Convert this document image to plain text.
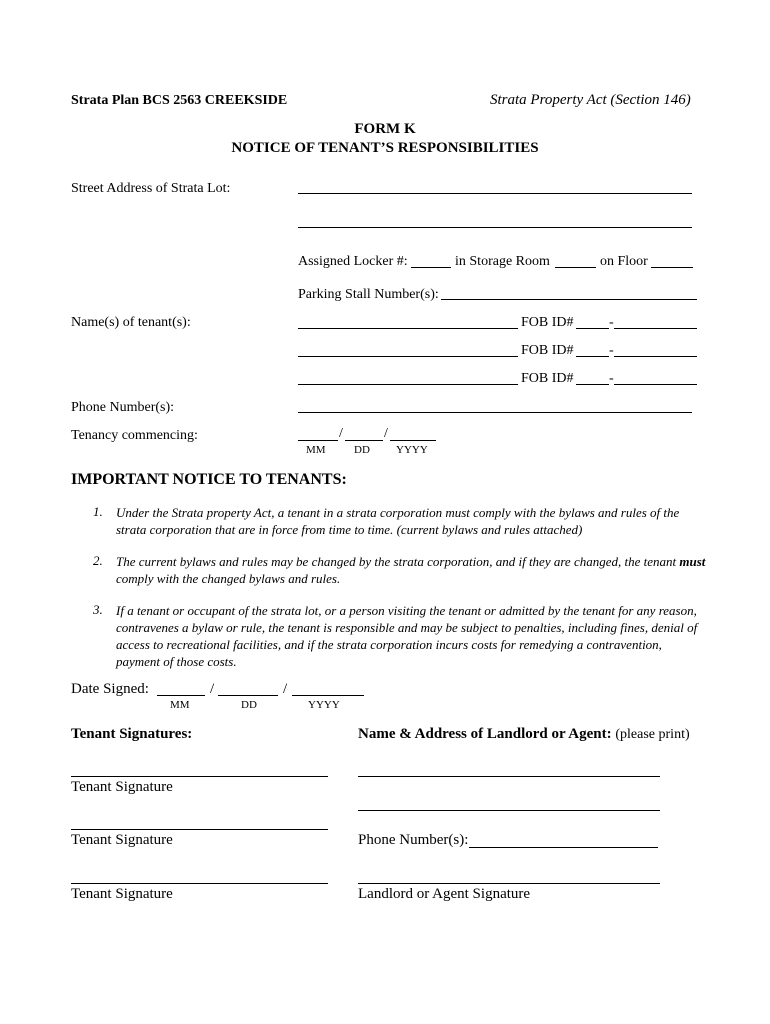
Strata Plan BCS 2563 CREEKSIDE	Strata Property Act (Section 146)
FORM K
NOTICE OF TENANT’S RESPONSIBILITIES
Street Address of Strata Lot:
Assigned Locker #:	in Storage Room	on Floor
Parking Stall Number(s):
Name(s) of tenant(s):	FOB ID#	-
FOB ID#	-
FOB ID#	-
Phone Number(s):
Tenancy commencing:	/	/
MM	DD YYYY
IMPORTANT NOTICE TO TENANTS:
1. Under the Strata property Act, a tenant in a strata corporation must comply with the bylaws and rules of the strata corporation that are in force from time to time. (current bylaws and rules attached)
2. The current bylaws and rules may be changed by the strata corporation, and if they are changed, the tenant must comply with the changed bylaws and rules.
3. If a tenant or occupant of the strata lot, or a person visiting the tenant or admitted by the tenant for any reason, contravenes a bylaw or rule, the tenant is responsible and may be subject to penalties, including fines, denial of access to recreational facilities, and if the strata corporation incurs costs for remedying a contravention, payment of those costs.
Date Signed:	/	/
MM	DD	YYYY
Tenant Signatures:	Name & Address of Landlord or Agent: (please print)
Tenant Signature
Tenant Signature
Tenant Signature
Phone Number(s):
Landlord or Agent Signature
